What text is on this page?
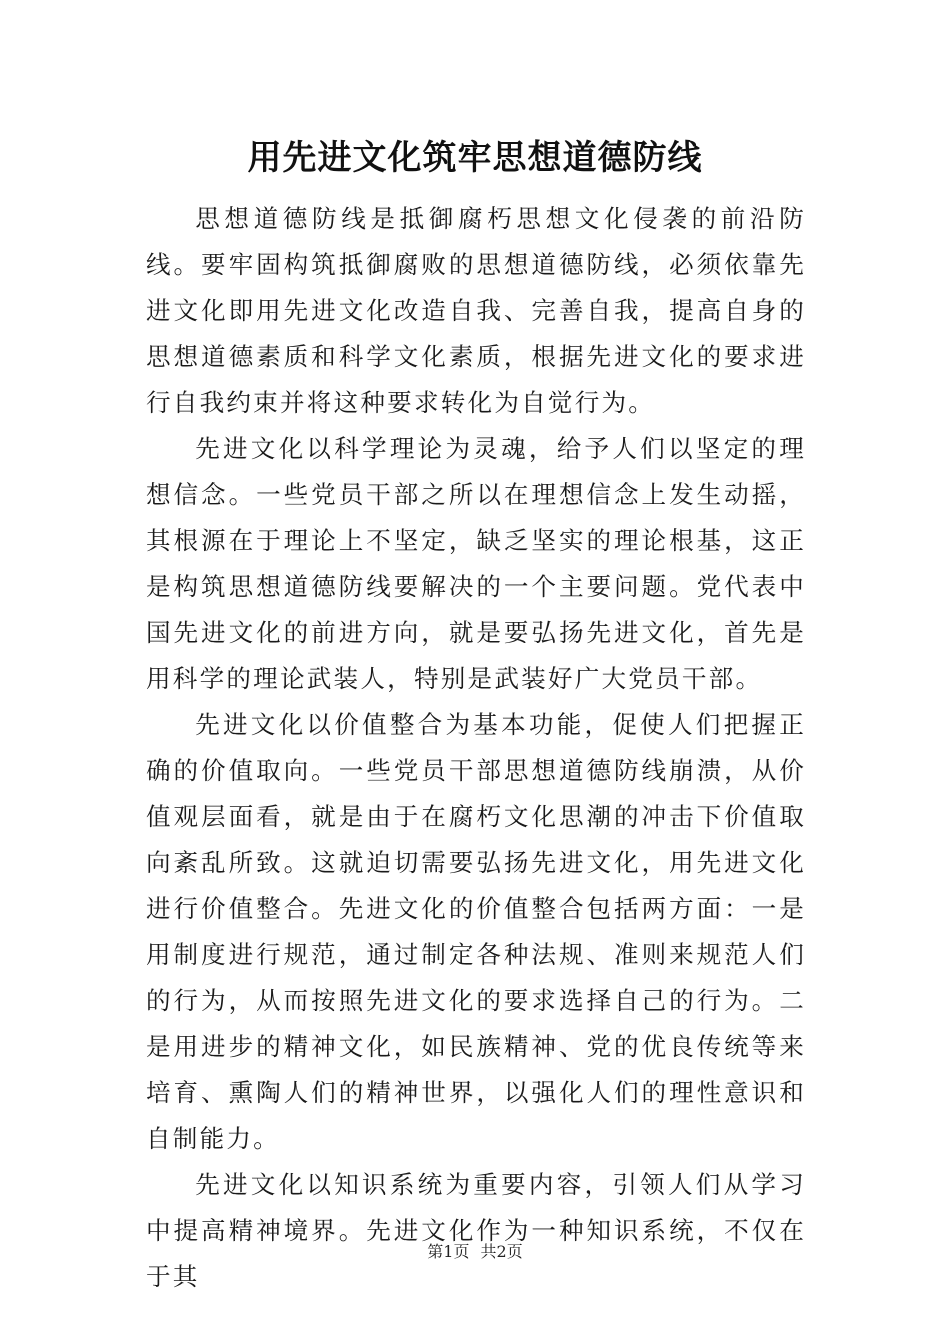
用先进文化筑牢思想道德防线

思想道德防线是抵御腐朽思想文化侵袭的前沿防线。要牢固构筑抵御腐败的思想道德防线，必须依靠先进文化即用先进文化改造自我、完善自我，提高自身的思想道德素质和科学文化素质，根据先进文化的要求进行自我约束并将这种要求转化为自觉行为。

先进文化以科学理论为灵魂，给予人们以坚定的理想信念。一些党员干部之所以在理想信念上发生动摇，其根源在于理论上不坚定，缺乏坚实的理论根基，这正是构筑思想道德防线要解决的一个主要问题。党代表中国先进文化的前进方向，就是要弘扬先进文化，首先是用科学的理论武装人，特别是武装好广大党员干部。

先进文化以价值整合为基本功能，促使人们把握正确的价值取向。一些党员干部思想道德防线崩溃，从价值观层面看，就是由于在腐朽文化思潮的冲击下价值取向紊乱所致。这就迫切需要弘扬先进文化，用先进文化进行价值整合。先进文化的价值整合包括两方面：一是用制度进行规范，通过制定各种法规、准则来规范人们的行为，从而按照先进文化的要求选择自己的行为。二是用进步的精神文化，如民族精神、党的优良传统等来培育、熏陶人们的精神世界，以强化人们的理性意识和自制能力。

先进文化以知识系统为重要内容，引领人们从学习中提高精神境界。先进文化作为一种知识系统，不仅在于其

第1页 共2页
